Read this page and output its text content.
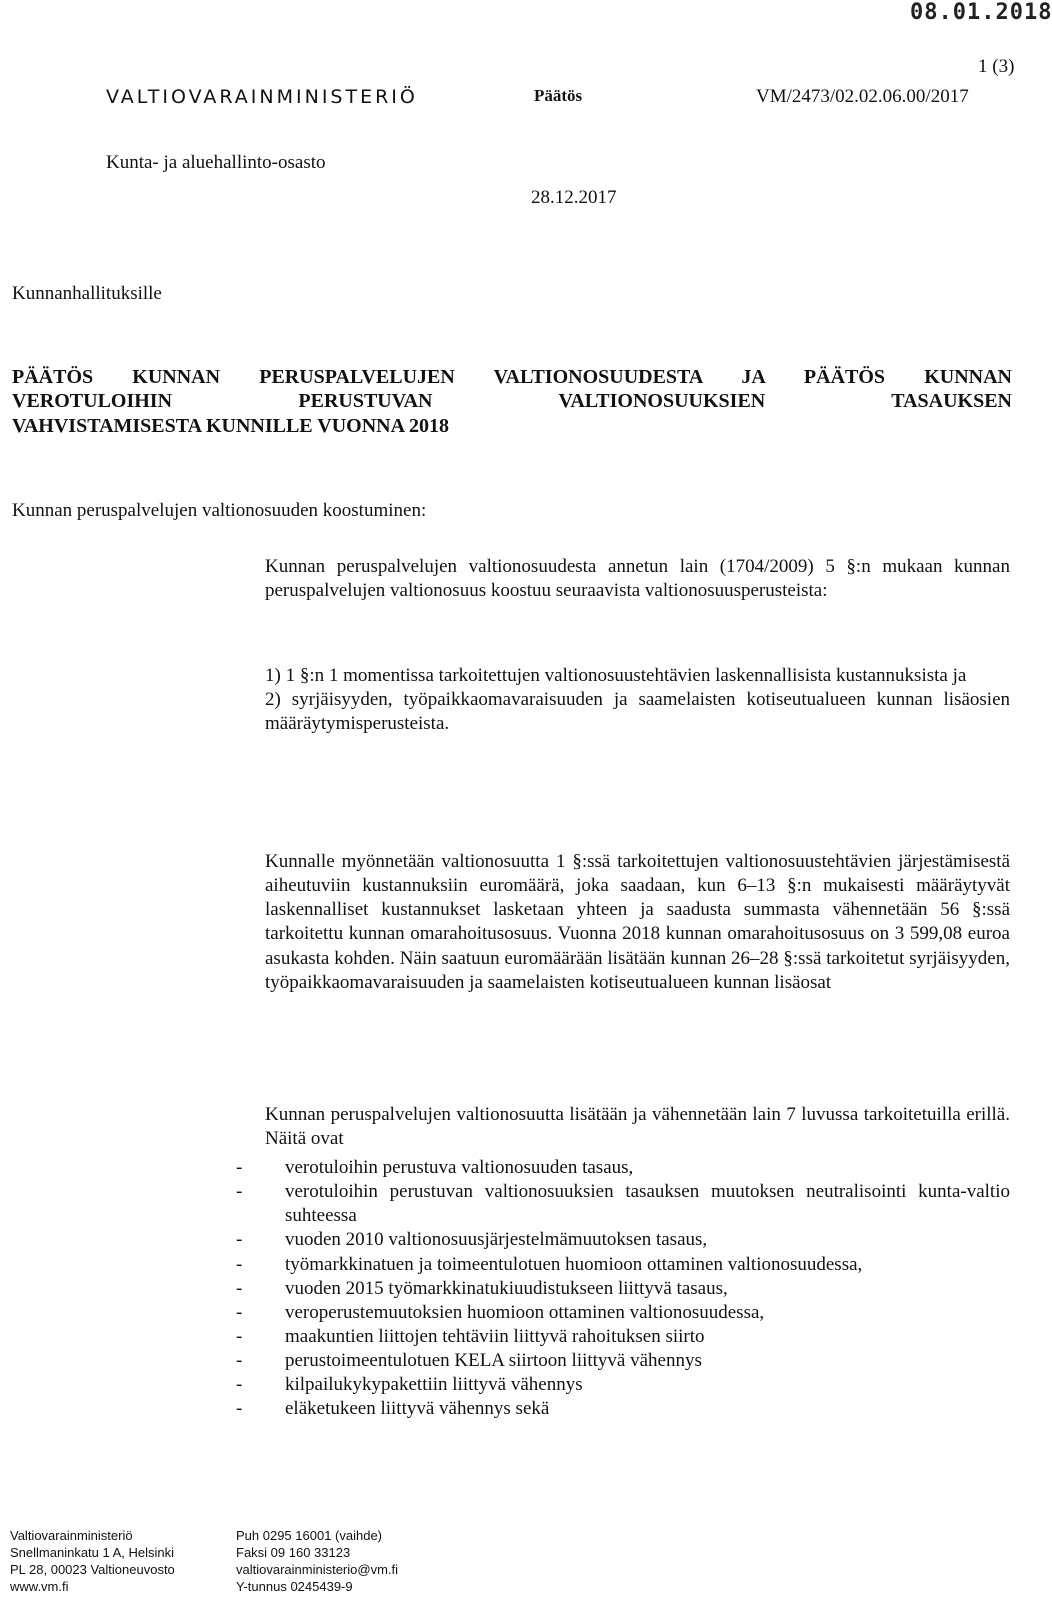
08.01.2018
1 (3)
VALTIOVARAINMINISTERIÖ	Päätös	VM/2473/02.02.06.00/2017
Kunta- ja aluehallinto-osasto
28.12.2017
Kunnanhallituksille
PÄÄTÖS KUNNAN PERUSPALVELUJEN VALTIONOSUUDESTA JA PÄÄTÖS KUNNAN
VEROTULOIHIN PERUSTUVAN VALTIONOSUUKSIEN TASAUKSEN
VAHVISTAMISESTA KUNNILLE VUONNA 2018
Kunnan peruspalvelujen valtionosuuden koostuminen:
Kunnan peruspalvelujen valtionosuudesta annetun lain (1704/2009) 5 §:n mukaan kunnan peruspalvelujen valtionosuus koostuu seuraavista valtionosuusperusteista:
1) 1 §:n 1 momentissa tarkoitettujen valtionosuustehtävien laskennallisista kustannuksista ja
2) syrjäisyyden, työpaikkaomavaraisuuden ja saamelaisten kotiseutualueen kunnan lisäosien määräytymisperusteista.
Kunnalle myönnetään valtionosuutta 1 §:ssä tarkoitettujen valtionosuustehtävien järjestämisestä aiheutuviin kustannuksiin euromäärä, joka saadaan, kun 6–13 §:n mukaisesti määräytyvät laskennalliset kustannukset lasketaan yhteen ja saadusta summasta vähennetään 56 §:ssä tarkoitettu kunnan omarahoitusosuus. Vuonna 2018 kunnan omarahoitusosuus on 3 599,08 euroa asukasta kohden. Näin saatuun euromäärään lisätään kunnan 26–28 §:ssä tarkoitetut syrjäisyyden, työpaikkaomavaraisuuden ja saamelaisten kotiseutualueen kunnan lisäosat
Kunnan peruspalvelujen valtionosuutta lisätään ja vähennetään lain 7 luvussa tarkoitetuilla erillä. Näitä ovat
- verotuloihin perustuva valtionosuuden tasaus,
- verotuloihin perustuvan valtionosuuksien tasauksen muutoksen neutralisointi kunta-valtio suhteessa
- vuoden 2010 valtionosuusjärjestelmämuutoksen tasaus,
- työmarkkinatuen ja toimeentulotuen huomioon ottaminen valtionosuudessa,
- vuoden 2015 työmarkkinatukiuudistukseen liittyvä tasaus,
- veroperustemuutoksien huomioon ottaminen valtionosuudessa,
- maakuntien liittojen tehtäviin liittyvä rahoituksen siirto
- perustoimeentulotuen KELA siirtoon liittyvä vähennys
- kilpailukykypakettiin liittyvä vähennys
- eläketukeen liittyvä vähennys sekä
Valtiovarainministeriö
Snellmaninkatu 1 A, Helsinki
PL 28, 00023 Valtioneuvosto
www.vm.fi
Puh 0295 16001 (vaihde)
Faksi 09 160 33123
valtiovarainministerio@vm.fi
Y-tunnus 0245439-9
